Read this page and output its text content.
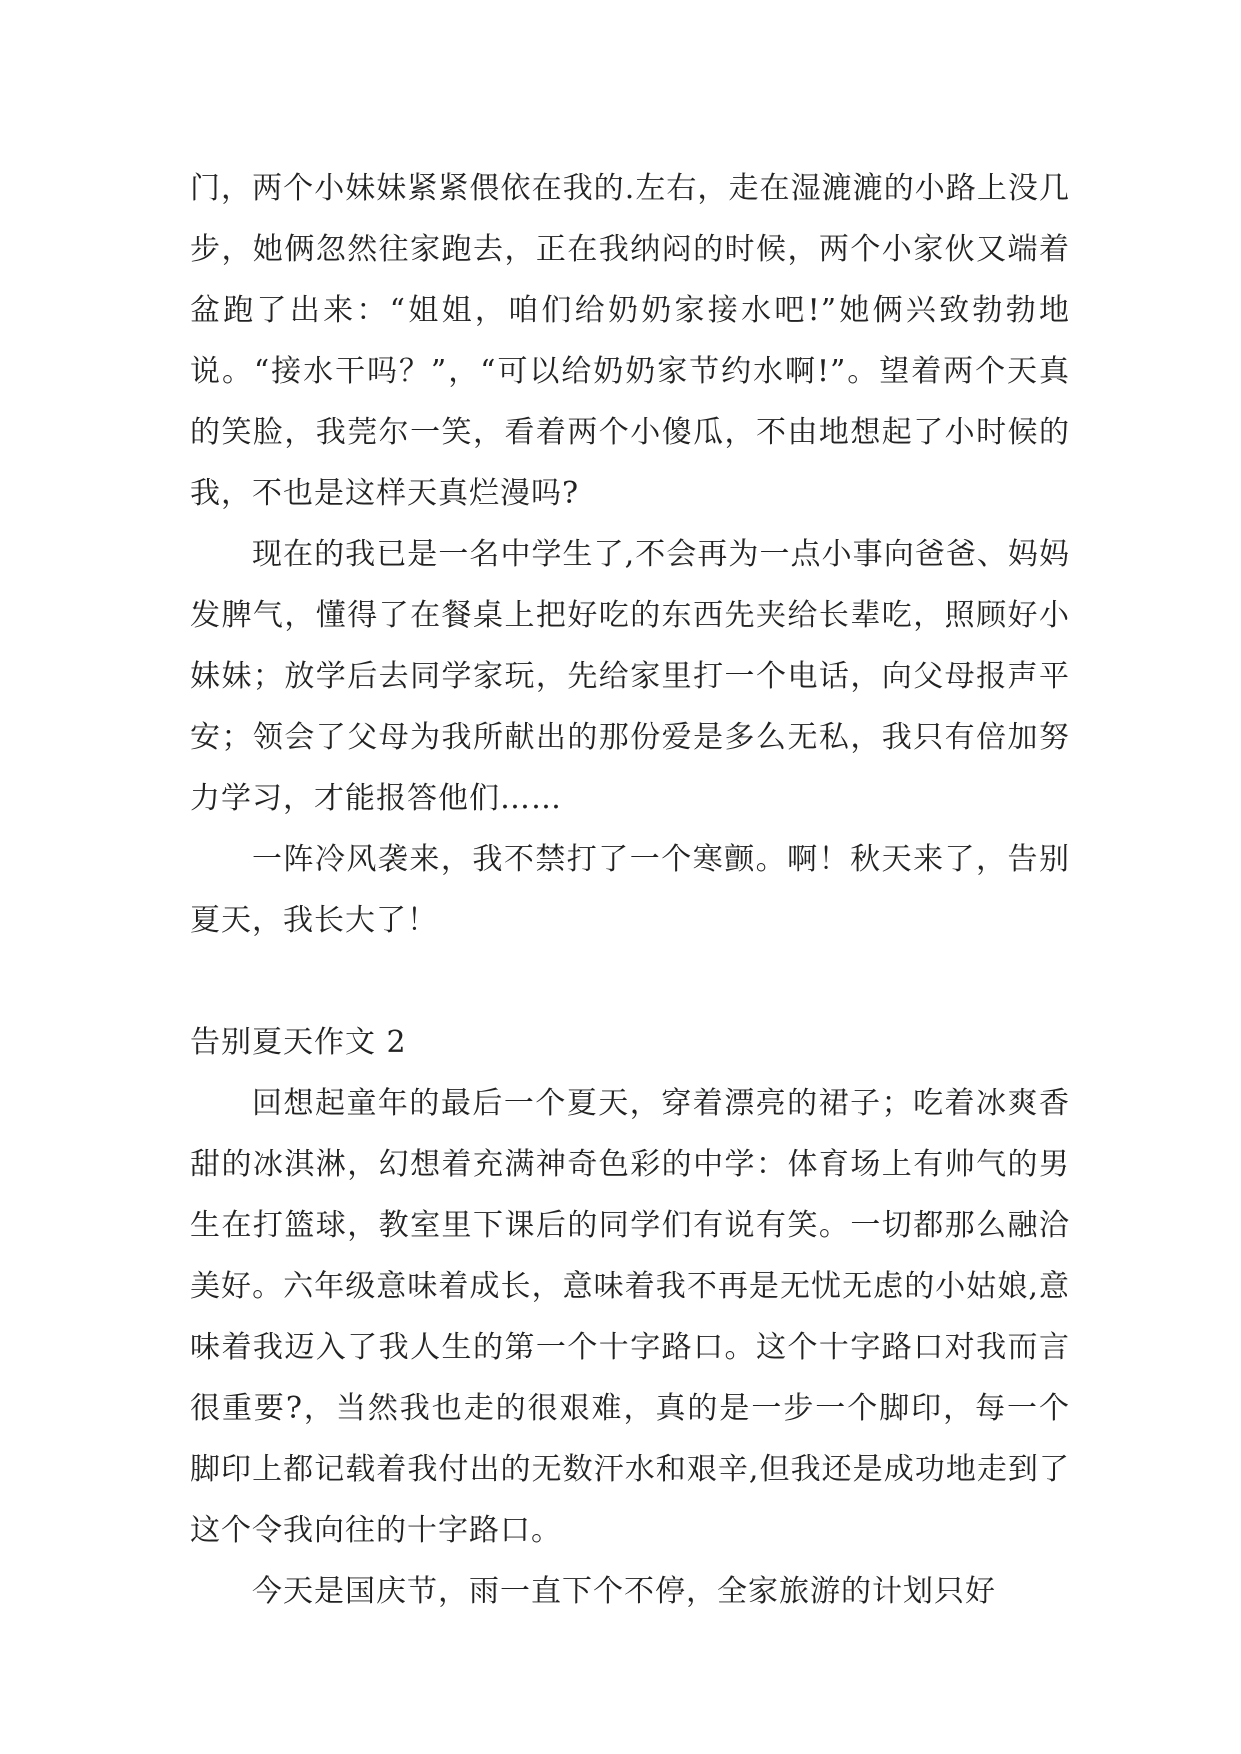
门，两个小妹妹紧紧偎依在我的.左右，走在湿漉漉的小路上没几步，她俩忽然往家跑去，正在我纳闷的时候，两个小家伙又端着盆跑了出来：“姐姐，咱们给奶奶家接水吧!”她俩兴致勃勃地说。“接水干吗？”，“可以给奶奶家节约水啊!”。望着两个天真的笑脸，我莞尔一笑，看着两个小傻瓜，不由地想起了小时候的我，不也是这样天真烂漫吗?

现在的我已是一名中学生了,不会再为一点小事向爸爸、妈妈发脾气，懂得了在餐桌上把好吃的东西先夹给长辈吃，照顾好小妹妹；放学后去同学家玩，先给家里打一个电话，向父母报声平安；领会了父母为我所献出的那份爱是多么无私，我只有倍加努力学习，才能报答他们……

一阵冷风袭来，我不禁打了一个寒颤。啊！秋天来了，告别夏天，我长大了！

告别夏天作文 2

回想起童年的最后一个夏天，穿着漂亮的裙子；吃着冰爽香甜的冰淇淋，幻想着充满神奇色彩的中学：体育场上有帅气的男生在打篮球，教室里下课后的同学们有说有笑。一切都那么融洽美好。六年级意味着成长，意味着我不再是无忧无虑的小姑娘,意味着我迈入了我人生的第一个十字路口。这个十字路口对我而言很重要?，当然我也走的很艰难，真的是一步一个脚印，每一个脚印上都记载着我付出的无数汗水和艰辛,但我还是成功地走到了这个令我向往的十字路口。

今天是国庆节，雨一直下个不停，全家旅游的计划只好
